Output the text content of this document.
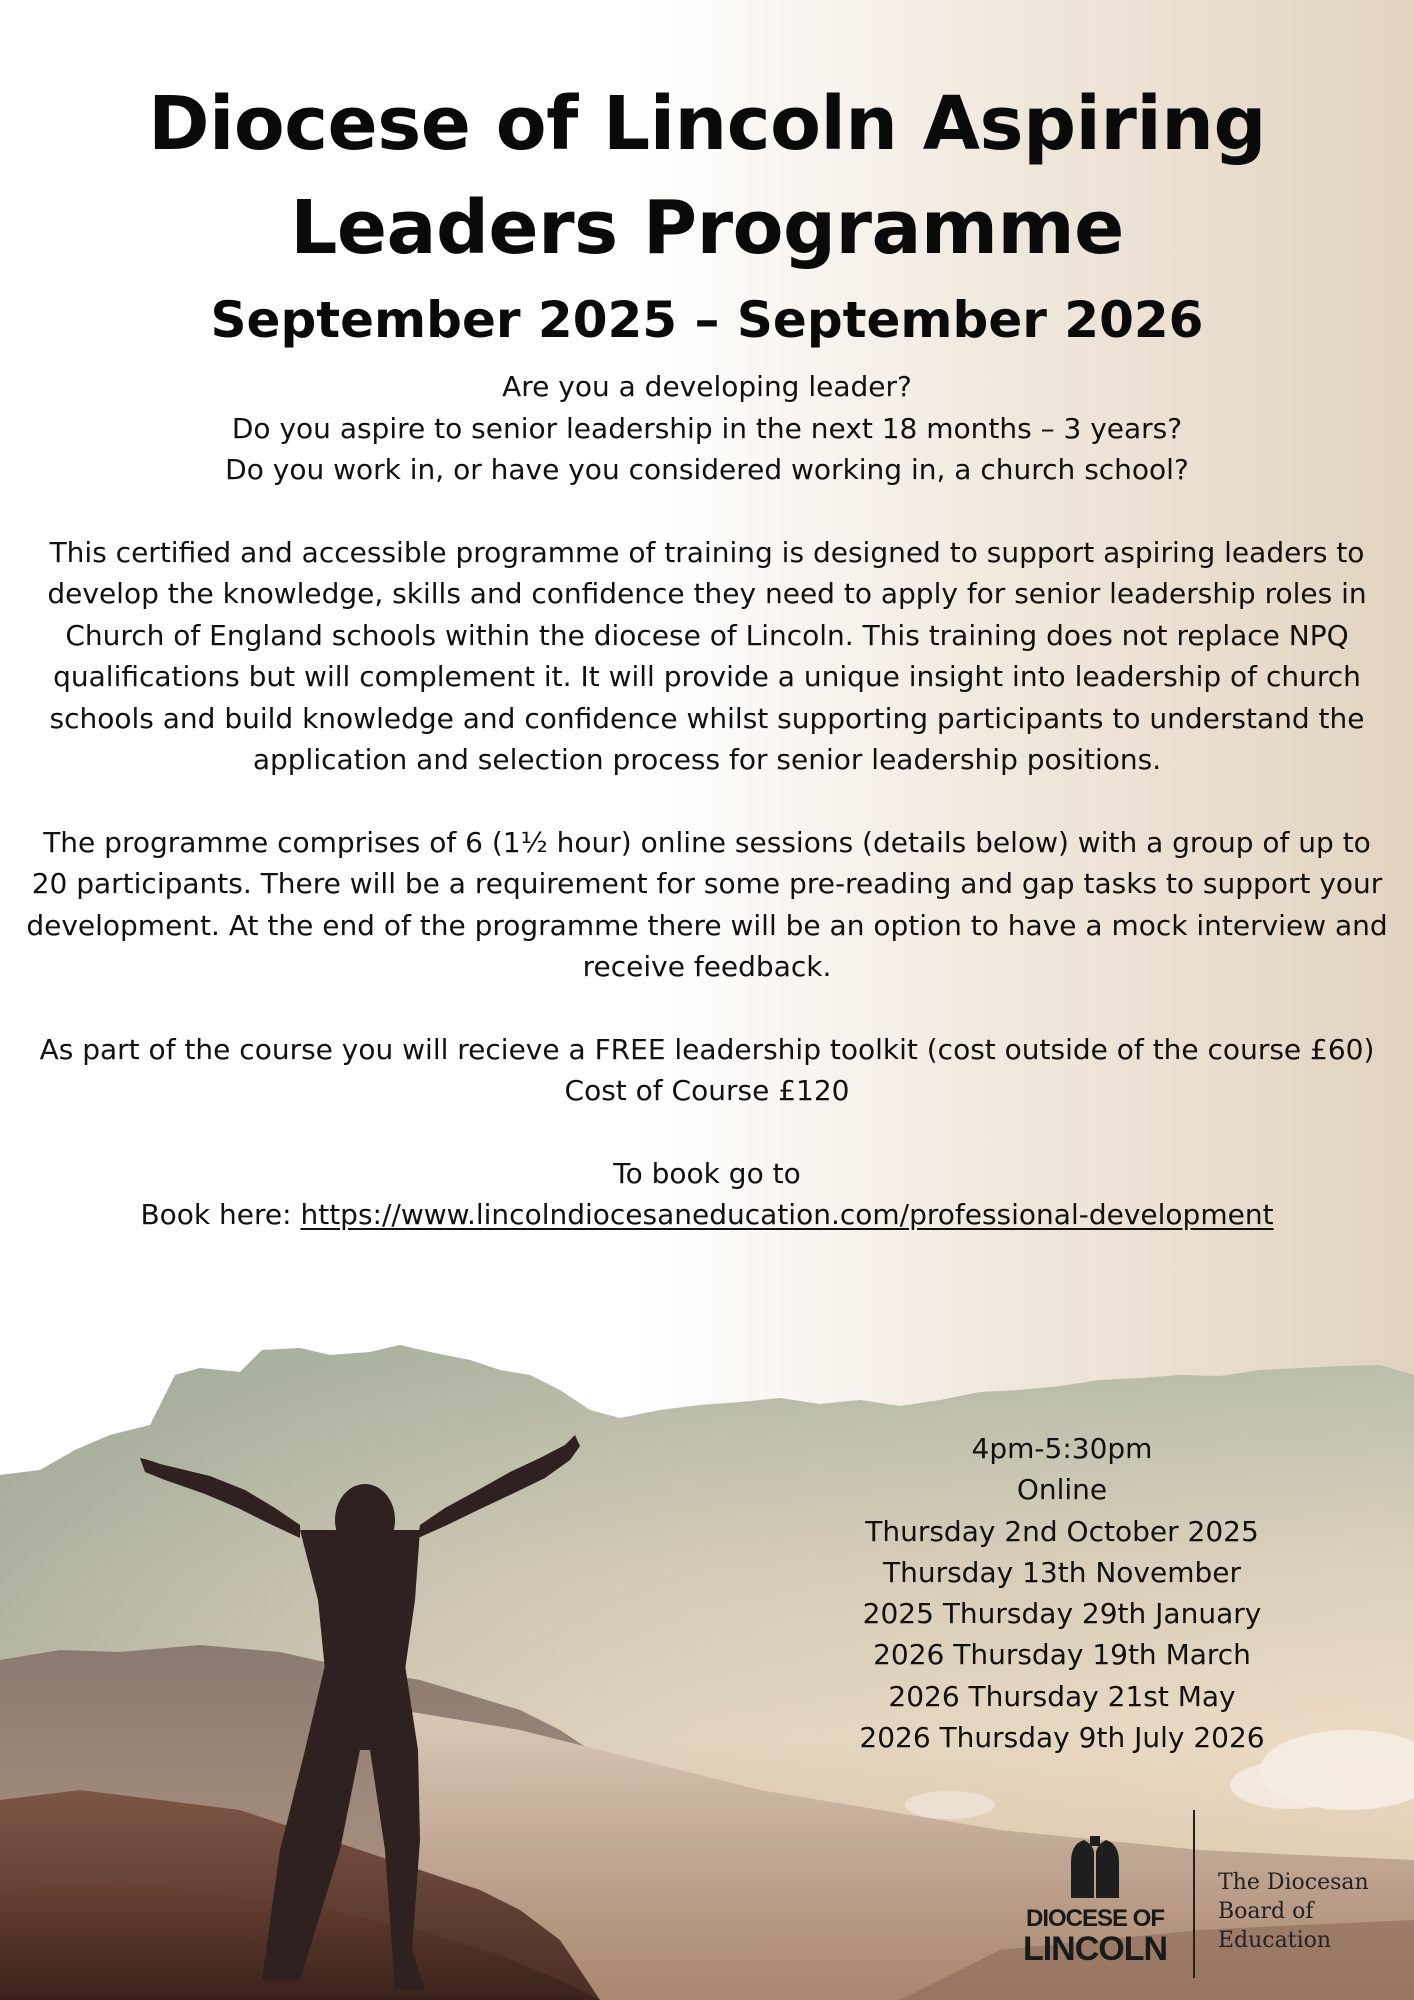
Diocese of Lincoln Aspiring Leaders Programme
September 2025 – September 2026
Are you a developing leader?
Do you aspire to senior leadership in the next 18 months – 3 years?
Do you work in, or have you considered working in, a church school?
This certified and accessible programme of training is designed to support aspiring leaders to develop the knowledge, skills and confidence they need to apply for senior leadership roles in Church of England schools within the diocese of Lincoln. This training does not replace NPQ qualifications but will complement it. It will provide a unique insight into leadership of church schools and build knowledge and confidence whilst supporting participants to understand the application and selection process for senior leadership positions.
The programme comprises of 6 (1½ hour) online sessions (details below) with a group of up to 20 participants. There will be a requirement for some pre-reading and gap tasks to support your development. At the end of the programme there will be an option to have a mock interview and receive feedback.
As part of the course you will recieve a FREE leadership toolkit (cost outside of the course £60)
Cost of Course £120
To book go to
Book here: https://www.lincolndiocesaneducation.com/professional-development
4pm-5:30pm
Online
Thursday 2nd October 2025
Thursday 13th November
2025 Thursday 29th January
2026 Thursday 19th March
2026 Thursday 21st May
2026 Thursday 9th July 2026
DIOCESE OF
LINCOLN
The Diocesan
Board of
Education
